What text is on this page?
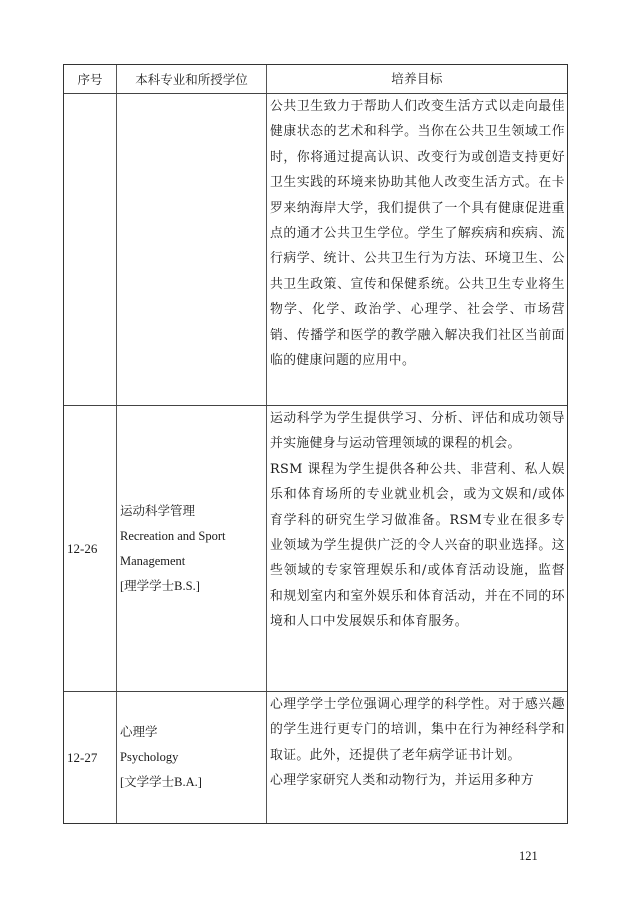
序号	本科专业和所授学位	培养目标
公共卫生致力于帮助人们改变生活方式以走向最佳健康状态的艺术和科学。当你在公共卫生领域工作时，你将通过提高认识、改变行为或创造支持更好卫生实践的环境来协助其他人改变生活方式。在卡罗来纳海岸大学，我们提供了一个具有健康促进重点的通才公共卫生学位。学生了解疾病和疾病、流行病学、统计、公共卫生行为方法、环境卫生、公共卫生政策、宣传和保健系统。公共卫生专业将生物学、化学、政治学、心理学、社会学、市场营销、传播学和医学的教学融入解决我们社区当前面临的健康问题的应用中。
12-26
运动科学管理
Recreation and Sport
Management
[理学学士B.S.]
运动科学为学生提供学习、分析、评估和成功领导并实施健身与运动管理领域的课程的机会。
RSM 课程为学生提供各种公共、非营利、私人娱乐和体育场所的专业就业机会，或为文娱和/或体育学科的研究生学习做准备。RSM专业在很多专业领域为学生提供广泛的令人兴奋的职业选择。这些领域的专家管理娱乐和/或体育活动设施，监督和规划室内和室外娱乐和体育活动，并在不同的环境和人口中发展娱乐和体育服务。
12-27
心理学
Psychology
[文学学士B.A.]
心理学学士学位强调心理学的科学性。对于感兴趣的学生进行更专门的培训，集中在行为神经科学和取证。此外，还提供了老年病学证书计划。
心理学家研究人类和动物行为，并运用多种方
121
